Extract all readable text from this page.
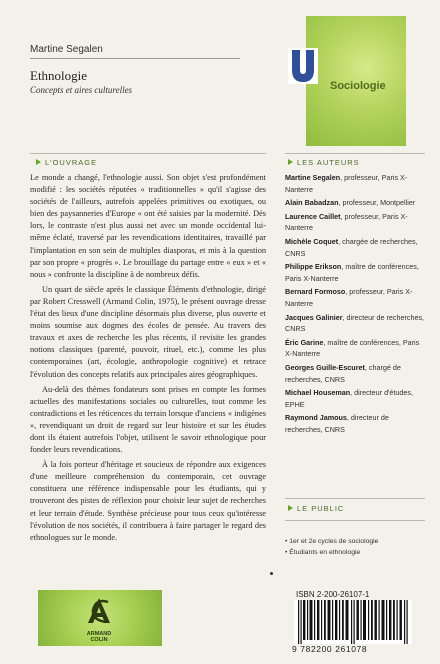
Martine Segalen
Ethnologie
Concepts et aires culturelles	Sociologie
L'OUVRAGE	LES AUTEURS

Le monde a changé, l'ethnologie aussi. Son objet s'est profondément modifié : les sociétés réputées « traditionnelles » qu'il s'agisse des sociétés de l'ailleurs, autrefois appelées primitives ou exotiques, ou bien des paysanneries d'Europe « ont été saisies par la modernité. Dès lors, le contraste n'est plus aussi net avec un monde occidental lui-même éclaté, traversé par les revendications identitaires, travaillé par l'implantation en son sein de multiples diasporas, et mis à la question par son propre « progrès ». Le brouillage du partage entre « eux » et « nous » confronte la discipline à de nombreux défis.

Un quart de siècle après le classique Éléments d'ethnologie, dirigé par Robert Cresswell (Armand Colin, 1975), le présent ouvrage dresse l'état des lieux d'une discipline désormais plus diverse, plus ouverte et moins soumise aux dogmes des écoles de pensée. Au travers des travaux et axes de recherche les plus récents, il revisite les grandes notions classiques (parenté, pouvoir, rituel, etc.), comme les plus contemporaines (art, écologie, anthropologie cognitive) et retrace l'évolution des concepts relatifs aux principales aires géographiques.

Au-delà des thèmes fondateurs sont prises en compte les formes actuelles des manifestations sociales ou culturelles, tout comme les contradictions et les réticences du terrain lorsque d'anciens « indigènes », revendiquant un droit de regard sur leur histoire et sur les études dont ils étaient autrefois l'objet, utilisent le savoir ethnologique pour fonder leurs revendications.

À la fois porteur d'héritage et soucieux de répondre aux exigences d'une meilleure compréhension du contemporain, cet ouvrage constituera une référence indispensable pour les étudiants, qui y trouveront des pistes de réflexion pour choisir leur sujet de recherches et leur terrain d'étude. Synthèse précieuse pour tous ceux qu'intéresse l'évolution de nos sociétés, il contribuera à faire partager le regard des ethnologues sur le monde.

Martine Segalen, professeur, Paris X-Nanterre
Alain Babadzan, professeur, Montpellier
Laurence Caillet, professeur, Paris X-Nanterre
Michèle Coquet, chargée de recherches, CNRS
Philippe Erikson, maître de conférences, Paris X-Nanterre
Bernard Formoso, professeur, Paris X-Nanterre
Jacques Galinier, directeur de recherches, CNRS
Éric Garine, maître de conférences, Paris X-Nanterre
Georges Guille-Escuret, chargé de recherches, CNRS
Michael Houseman, directeur d'études, EPHE
Raymond Jamous, directeur de recherches, CNRS
LE PUBLIC
• 1er et 2e cycles de sociologie
• Étudiants en ethnologie
ARMAND
COLIN
ISBN 2-200-26107-1
9 782200 261078
